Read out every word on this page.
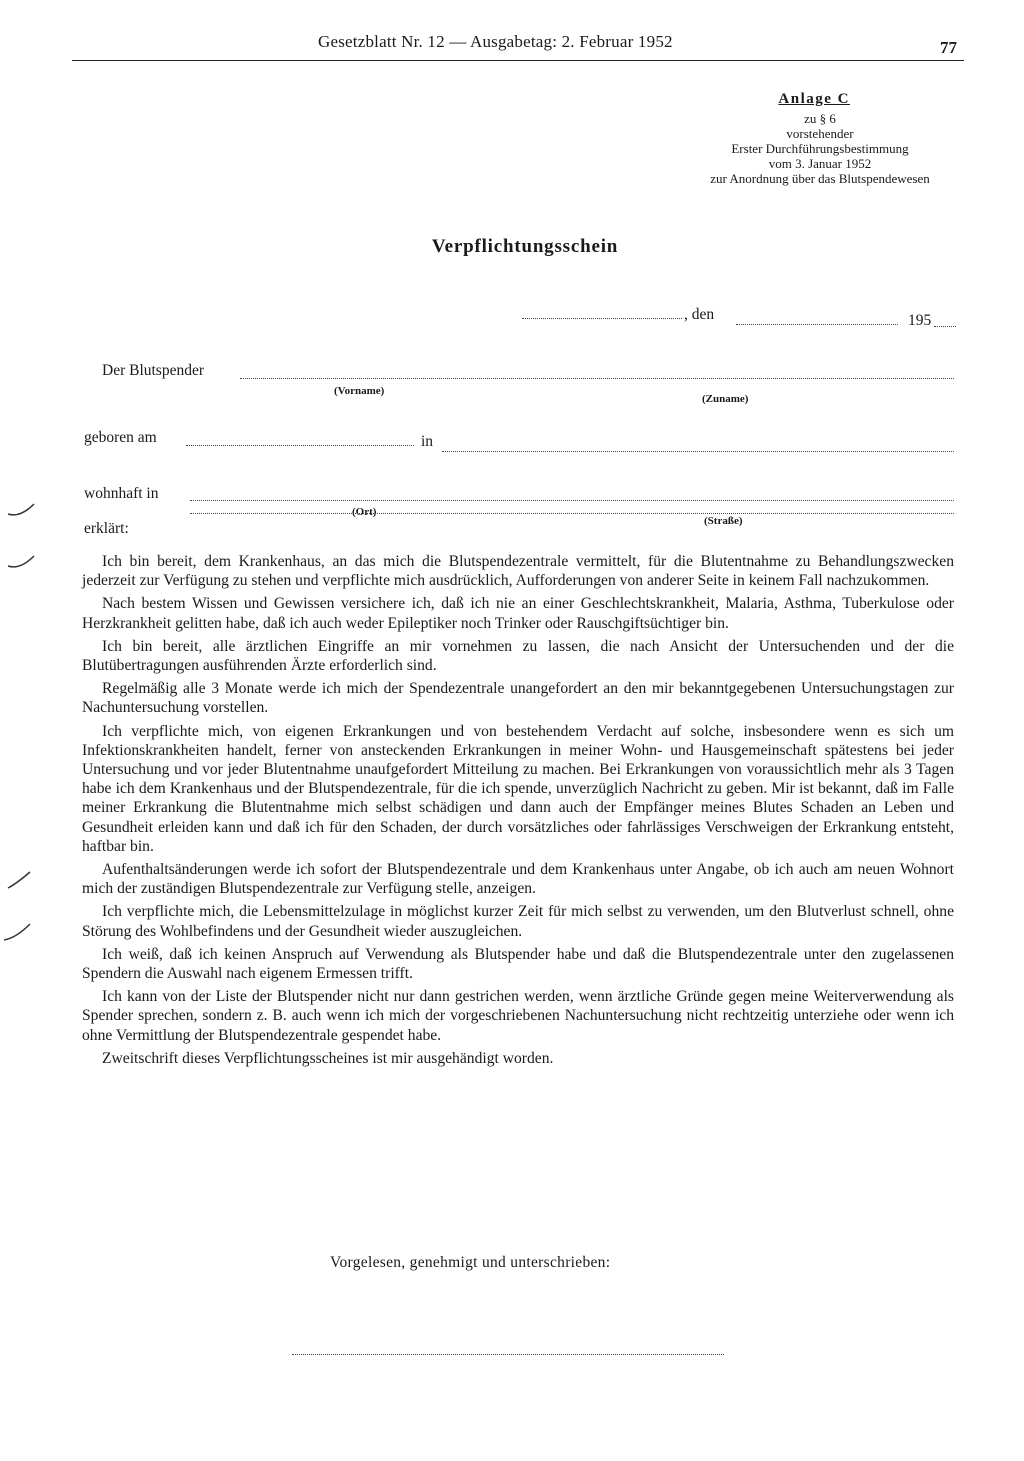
Gesetzblatt Nr. 12 — Ausgabetag: 2. Februar 1952	77
Anlage C
zu § 6
vorstehender
Erster Durchführungsbestimmung
vom 3. Januar 1952
zur Anordnung über das Blutspendewesen
Verpflichtungsschein
, den	195
Der Blutspender
(Vorname)
(Zuname)
geboren am	in
wohnhaft in
(Ort)
(Straße)
erklärt:

Ich bin bereit, dem Krankenhaus, an das mich die Blutspendezentrale vermittelt, für die Blutentnahme zu Behandlungszwecken jederzeit zur Verfügung zu stehen und verpflichte mich ausdrücklich, Aufforderungen von anderer Seite in keinem Fall nachzukommen.

Nach bestem Wissen und Gewissen versichere ich, daß ich nie an einer Geschlechtskrankheit, Malaria, Asthma, Tuberkulose oder Herzkrankheit gelitten habe, daß ich auch weder Epileptiker noch Trinker oder Rauschgiftsüchtiger bin.

Ich bin bereit, alle ärztlichen Eingriffe an mir vornehmen zu lassen, die nach Ansicht der Untersuchenden und der die Blutübertragungen ausführenden Ärzte erforderlich sind.

Regelmäßig alle 3 Monate werde ich mich der Spendezentrale unangefordert an den mir bekanntgegebenen Untersuchungstagen zur Nachuntersuchung vorstellen.

Ich verpflichte mich, von eigenen Erkrankungen und von bestehendem Verdacht auf solche, insbesondere wenn es sich um Infektionskrankheiten handelt, ferner von ansteckenden Erkrankungen in meiner Wohn- und Hausgemeinschaft spätestens bei jeder Untersuchung und vor jeder Blutentnahme unaufgefordert Mitteilung zu machen. Bei Erkrankungen von voraussichtlich mehr als 3 Tagen habe ich dem Krankenhaus und der Blutspendezentrale, für die ich spende, unverzüglich Nachricht zu geben. Mir ist bekannt, daß im Falle meiner Erkrankung die Blutentnahme mich selbst schädigen und dann auch der Empfänger meines Blutes Schaden an Leben und Gesundheit erleiden kann und daß ich für den Schaden, der durch vorsätzliches oder fahrlässiges Verschweigen der Erkrankung entsteht, haftbar bin.

Aufenthaltsänderungen werde ich sofort der Blutspendezentrale und dem Krankenhaus unter Angabe, ob ich auch am neuen Wohnort mich der zuständigen Blutspendezentrale zur Verfügung stelle, anzeigen.

Ich verpflichte mich, die Lebensmittelzulage in möglichst kurzer Zeit für mich selbst zu verwenden, um den Blutverlust schnell, ohne Störung des Wohlbefindens und der Gesundheit wieder auszugleichen.

Ich weiß, daß ich keinen Anspruch auf Verwendung als Blutspender habe und daß die Blutspendezentrale unter den zugelassenen Spendern die Auswahl nach eigenem Ermessen trifft.

Ich kann von der Liste der Blutspender nicht nur dann gestrichen werden, wenn ärztliche Gründe gegen meine Weiterverwendung als Spender sprechen, sondern z. B. auch wenn ich mich der vorgeschriebenen Nachuntersuchung nicht rechtzeitig unterziehe oder wenn ich ohne Vermittlung der Blutspendezentrale gespendet habe.

Zweitschrift dieses Verpflichtungsscheines ist mir ausgehändigt worden.

Vorgelesen, genehmigt und unterschrieben:
